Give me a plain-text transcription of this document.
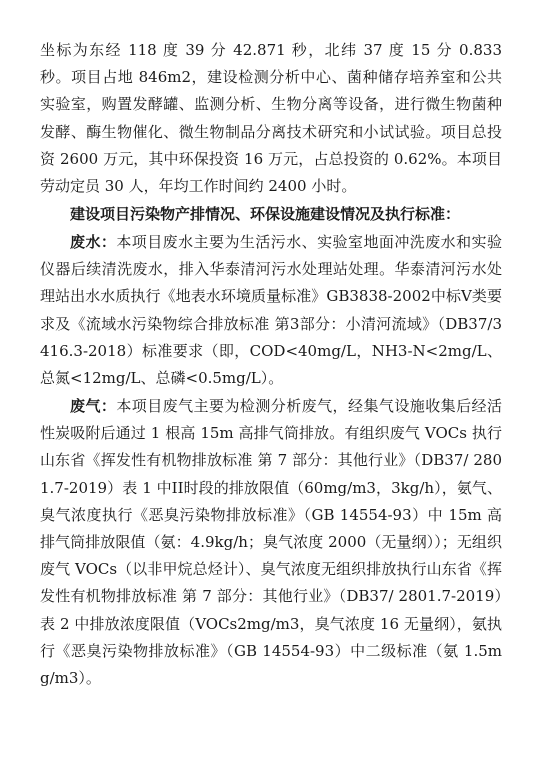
坐标为东经 118 度 39 分 42.871 秒，北纬 37 度 15 分 0.833 秒。项目占地 846m2，建设检测分析中心、菌种储存培养室和公共实验室，购置发酵罐、监测分析、生物分离等设备，进行微生物菌种发酵、酶生物催化、微生物制品分离技术研究和小试试验。项目总投资 2600 万元，其中环保投资 16 万元，占总投资的 0.62%。本项目劳动定员 30 人，年均工作时间约 2400 小时。

建设项目污染物产排情况、环保设施建设情况及执行标准：

废水：本项目废水主要为生活污水、实验室地面冲洗废水和实验仪器后续清洗废水，排入华泰清河污水处理站处理。华泰清河污水处理站出水水质执行《地表水环境质量标准》GB3838-2002中标V类要求及《流域水污染物综合排放标准 第3部分：小清河流域》（DB37/3416.3-2018）标准要求（即，COD<40mg/L，NH3-N<2mg/L、总氮<12mg/L、总磷<0.5mg/L）。

废气：本项目废气主要为检测分析废气，经集气设施收集后经活性炭吸附后通过 1 根高 15m 高排气筒排放。有组织废气 VOCs 执行山东省《挥发性有机物排放标准 第 7 部分：其他行业》（DB37/ 2801.7-2019）表 1 中II时段的排放限值（60mg/m3，3kg/h），氨气、臭气浓度执行《恶臭污染物排放标准》（GB 14554-93）中 15m 高排气筒排放限值（氨：4.9kg/h；臭气浓度 2000（无量纲））；无组织废气 VOCs（以非甲烷总烃计）、臭气浓度无组织排放执行山东省《挥发性有机物排放标准 第 7 部分：其他行业》（DB37/ 2801.7-2019）表 2 中排放浓度限值（VOCs2mg/m3，臭气浓度 16 无量纲），氨执行《恶臭污染物排放标准》（GB 14554-93）中二级标准（氨 1.5mg/m3）。
